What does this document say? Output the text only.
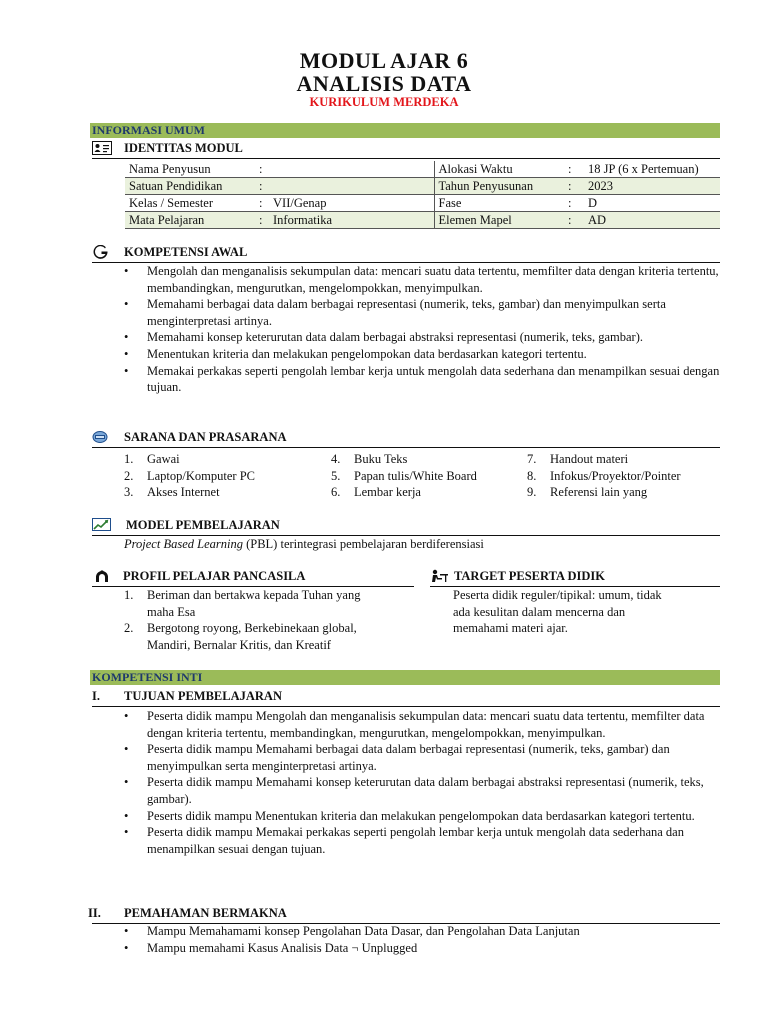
MODUL AJAR 6
ANALISIS DATA
KURIKULUM MERDEKA
INFORMASI UMUM
IDENTITAS MODUL
Nama Penyusun	:		Alokasi Waktu	:	18 JP (6 x Pertemuan)
Satuan Pendidikan	:		Tahun Penyusunan	:	2023
Kelas / Semester	:	VII/Genap	Fase	:	D
Mata Pelajaran	:	Informatika	Elemen Mapel	:	AD
KOMPETENSI AWAL
• Mengolah dan menganalisis sekumpulan data: mencari suatu data tertentu, memfilter data dengan kriteria tertentu, membandingkan, mengurutkan, mengelompokkan, menyimpulkan.
• Memahami berbagai data dalam berbagai representasi (numerik, teks, gambar) dan menyimpulkan serta menginterpretasi artinya.
• Memahami konsep keterurutan data dalam berbagai abstraksi representasi (numerik, teks, gambar).
• Menentukan kriteria dan melakukan pengelompokan data berdasarkan kategori tertentu.
• Memakai perkakas seperti pengolah lembar kerja untuk mengolah data sederhana dan menampilkan sesuai dengan tujuan.
SARANA DAN PRASARANA
1. Gawai
2. Laptop/Komputer PC
3. Akses Internet
4. Buku Teks
5. Papan tulis/White Board
6. Lembar kerja
7. Handout materi
8. Infokus/Proyektor/Pointer
9. Referensi lain yang
MODEL PEMBELAJARAN
Project Based Learning (PBL) terintegrasi pembelajaran berdiferensiasi
PROFIL PELAJAR PANCASILA
1. Beriman dan bertakwa kepada Tuhan yang
maha Esa
2. Bergotong royong, Berkebinekaan global,
Mandiri, Bernalar Kritis, dan Kreatif
TARGET PESERTA DIDIK
Peserta didik reguler/tipikal: umum, tidak
ada kesulitan dalam mencerna dan
memahami materi ajar.
KOMPETENSI INTI
I. TUJUAN PEMBELAJARAN
• Peserta didik mampu Mengolah dan menganalisis sekumpulan data: mencari suatu data tertentu, memfilter data dengan kriteria tertentu, membandingkan, mengurutkan, mengelompokkan, menyimpulkan.
• Peserta didik mampu Memahami berbagai data dalam berbagai representasi (numerik, teks, gambar) dan menyimpulkan serta menginterpretasi artinya.
• Peserta didik mampu Memahami konsep keterurutan data dalam berbagai abstraksi representasi (numerik, teks, gambar).
• Peserts didik mampu Menentukan kriteria dan melakukan pengelompokan data berdasarkan kategori tertentu.
• Peserta didik mampu Memakai perkakas seperti pengolah lembar kerja untuk mengolah data sederhana dan menampilkan sesuai dengan tujuan.
II. PEMAHAMAN BERMAKNA
• Mampu Memahamami konsep Pengolahan Data Dasar, dan Pengolahan Data Lanjutan
• Mampu memahami Kasus Analisis Data ¬ Unplugged
